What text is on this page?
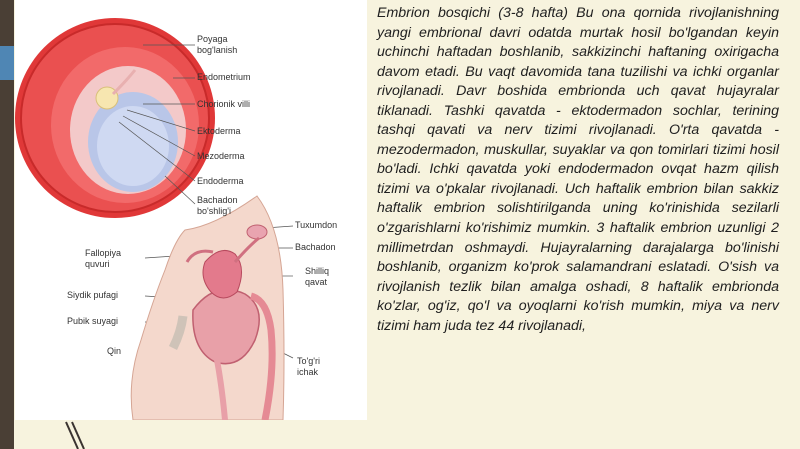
Poyaga
bog'lanish
Endometrium
Chorionik villi
Ektoderma
Mezoderma
Endoderma
Bachadon
bo'shlig'i
Tuxumdon
Bachadon
Fallopiya
quvuri
Shilliq
qavat
Siydik pufagi
Pubik suyagi
Qin
To'g'ri
ichak

Embrion bosqichi (3-8 hafta) Bu ona qornida rivojlanishning yangi embrional davri odatda murtak hosil bo'lgandan keyin uchinchi haftadan boshlanib, sakkizinchi haftaning oxirigacha davom etadi. Bu vaqt davomida tana tuzilishi va ichki organlar rivojlanadi. Davr boshida embrionda uch qavat hujayralar tiklanadi. Tashki qavatda - ektodermadon sochlar, terining tashqi qavati va nerv tizimi rivojlanadi. O'rta qavatda - mezodermadon, muskullar, suyaklar va qon tomirlari tizimi hosil bo'ladi. Ichki qavatda yoki endodermadon ovqat hazm qilish tizimi va o'pkalar rivojlanadi. Uch haftalik embrion bilan sakkiz haftalik embrion solishtirilganda uning ko'rinishida sezilarli o'zgarishlarni ko'rishimiz mumkin. 3 haftalik embrion uzunligi 2 millimetrdan oshmaydi. Hujayralarning darajalarga bo'linishi boshlanib, organizm ko'prok salamandrani eslatadi. O'sish va rivojlanish tezlik bilan amalga oshadi, 8 haftalik embrionda ko'zlar, og'iz, qo'l va oyoqlarni ko'rish mumkin, miya va nerv tizimi ham juda tez 44 rivojlanadi,
